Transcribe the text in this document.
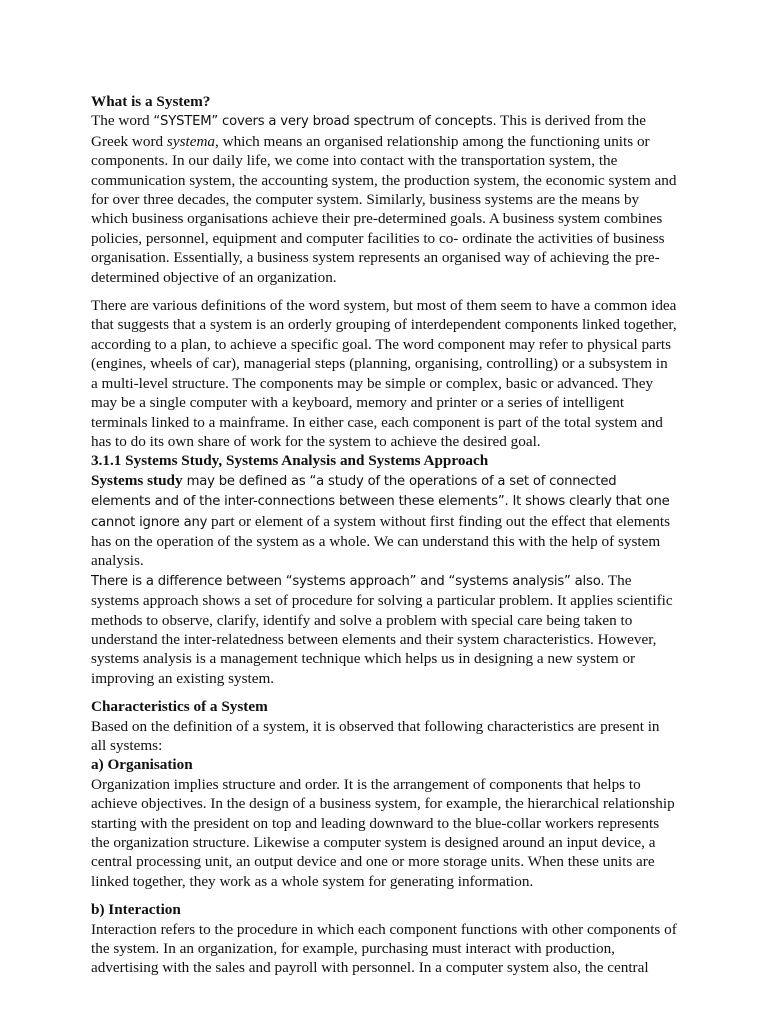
What is a System?

The word “SYSTEM” covers a very broad spectrum of concepts. This is derived from the Greek word systema, which means an organised relationship among the functioning units or components. In our daily life, we come into contact with the transportation system, the communication system, the accounting system, the production system, the economic system and for over three decades, the computer system. Similarly, business systems are the means by which business organisations achieve their pre-determined goals. A business system combines policies, personnel, equipment and computer facilities to co- ordinate the activities of business organisation. Essentially, a business system represents an organised way of achieving the pre-determined objective of an organization.

There are various definitions of the word system, but most of them seem to have a common idea that suggests that a system is an orderly grouping of interdependent components linked together, according to a plan, to achieve a specific goal. The word component may refer to physical parts (engines, wheels of car), managerial steps (planning, organising, controlling) or a subsystem in a multi-level structure. The components may be simple or complex, basic or advanced. They may be a single computer with a keyboard, memory and printer or a series of intelligent terminals linked to a mainframe. In either case, each component is part of the total system and has to do its own share of work for the system to achieve the desired goal.

3.1.1 Systems Study, Systems Analysis and Systems Approach

Systems study may be defined as “a study of the operations of a set of connected elements and of the inter-connections between these elements”. It shows clearly that one cannot ignore any part or element of a system without first finding out the effect that elements has on the operation of the system as a whole. We can understand this with the help of system analysis.

There is a difference between “systems approach” and “systems analysis” also. The systems approach shows a set of procedure for solving a particular problem. It applies scientific methods to observe, clarify, identify and solve a problem with special care being taken to understand the inter-relatedness between elements and their system characteristics. However, systems analysis is a management technique which helps us in designing a new system or improving an existing system.

Characteristics of a System

Based on the definition of a system, it is observed that following characteristics are present in all systems:

a) Organisation

Organization implies structure and order. It is the arrangement of components that helps to achieve objectives. In the design of a business system, for example, the hierarchical relationship starting with the president on top and leading downward to the blue-collar workers represents the organization structure. Likewise a computer system is designed around an input device, a central processing unit, an output device and one or more storage units. When these units are linked together, they work as a whole system for generating information.

b) Interaction

Interaction refers to the procedure in which each component functions with other components of the system. In an organization, for example, purchasing must interact with production, advertising with the sales and payroll with personnel. In a computer system also, the central
